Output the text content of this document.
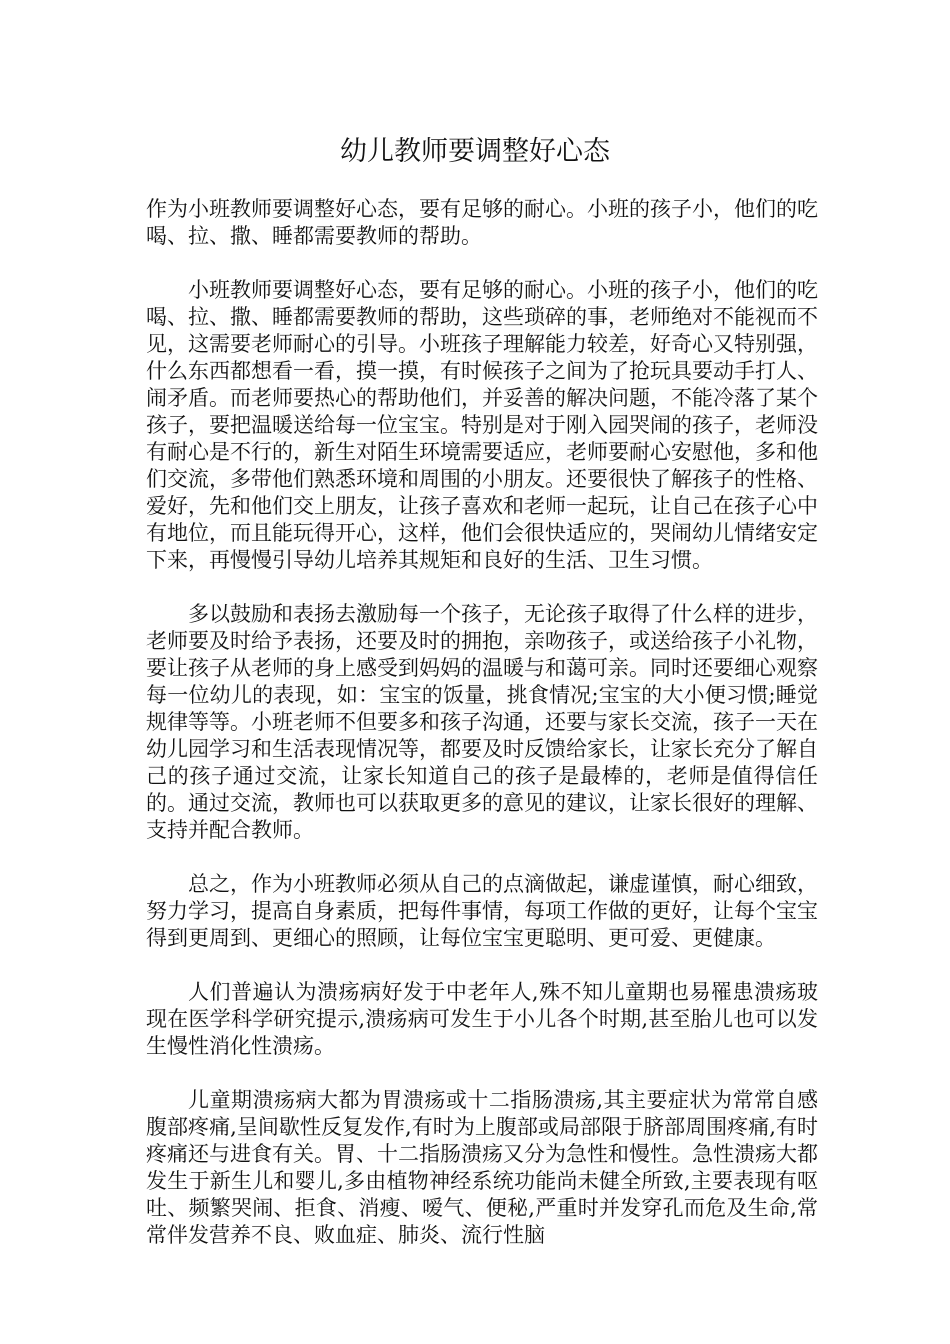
幼儿教师要调整好心态

作为小班教师要调整好心态，要有足够的耐心。小班的孩子小，他们的吃喝、拉、撒、睡都需要教师的帮助。

小班教师要调整好心态，要有足够的耐心。小班的孩子小，他们的吃喝、拉、撒、睡都需要教师的帮助，这些琐碎的事，老师绝对不能视而不见，这需要老师耐心的引导。小班孩子理解能力较差，好奇心又特别强，什么东西都想看一看，摸一摸，有时候孩子之间为了抢玩具要动手打人、闹矛盾。而老师要热心的帮助他们，并妥善的解决问题，不能冷落了某个孩子，要把温暖送给每一位宝宝。特别是对于刚入园哭闹的孩子，老师没有耐心是不行的，新生对陌生环境需要适应，老师要耐心安慰他，多和他们交流，多带他们熟悉环境和周围的小朋友。还要很快了解孩子的性格、爱好，先和他们交上朋友，让孩子喜欢和老师一起玩，让自己在孩子心中有地位，而且能玩得开心，这样，他们会很快适应的，哭闹幼儿情绪安定下来，再慢慢引导幼儿培养其规矩和良好的生活、卫生习惯。

多以鼓励和表扬去激励每一个孩子，无论孩子取得了什么样的进步，老师要及时给予表扬，还要及时的拥抱，亲吻孩子，或送给孩子小礼物，要让孩子从老师的身上感受到妈妈的温暖与和蔼可亲。同时还要细心观察每一位幼儿的表现，如：宝宝的饭量，挑食情况;宝宝的大小便习惯;睡觉规律等等。小班老师不但要多和孩子沟通，还要与家长交流，孩子一天在幼儿园学习和生活表现情况等，都要及时反馈给家长，让家长充分了解自己的孩子通过交流，让家长知道自己的孩子是最棒的，老师是值得信任的。通过交流，教师也可以获取更多的意见的建议，让家长很好的理解、支持并配合教师。

总之，作为小班教师必须从自己的点滴做起，谦虚谨慎，耐心细致，努力学习，提高自身素质，把每件事情，每项工作做的更好，让每个宝宝得到更周到、更细心的照顾，让每位宝宝更聪明、更可爱、更健康。

人们普遍认为溃疡病好发于中老年人,殊不知儿童期也易罹患溃疡玻现在医学科学研究提示,溃疡病可发生于小儿各个时期,甚至胎儿也可以发生慢性消化性溃疡。

儿童期溃疡病大都为胃溃疡或十二指肠溃疡,其主要症状为常常自感腹部疼痛,呈间歇性反复发作,有时为上腹部或局部限于脐部周围疼痛,有时疼痛还与进食有关。胃、十二指肠溃疡又分为急性和慢性。急性溃疡大都发生于新生儿和婴儿,多由植物神经系统功能尚未健全所致,主要表现有呕吐、频繁哭闹、拒食、消瘦、嗳气、便秘,严重时并发穿孔而危及生命,常常伴发营养不良、败血症、肺炎、流行性脑
